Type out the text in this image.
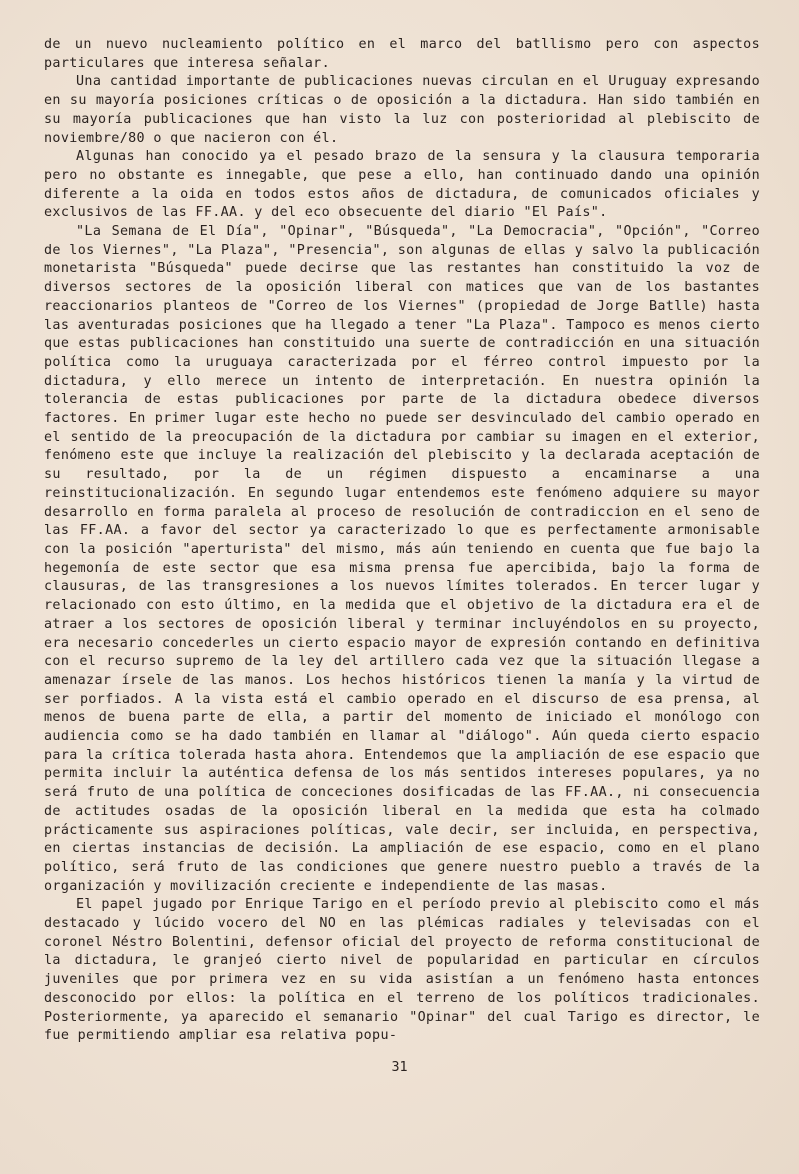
de un nuevo nucleamiento político en el marco del batllismo pero con aspectos particulares que interesa señalar.

Una cantidad importante de publicaciones nuevas circulan en el Uruguay expresando en su mayoría posiciones críticas o de oposición a la dictadura. Han sido también en su mayoría publicaciones que han visto la luz con posterioridad al plebiscito de noviembre/80 o que nacieron con él.

Algunas han conocido ya el pesado brazo de la sensura y la clausura temporaria pero no obstante es innegable, que pese a ello, han continuado dando una opinión diferente a la oida en todos estos años de dictadura, de comunicados oficiales y exclusivos de las FF.AA. y del eco obsecuente del diario "El País".

"La Semana de El Día", "Opinar", "Búsqueda", "La Democracia", "Opción", "Correo de los Viernes", "La Plaza", "Presencia", son algunas de ellas y salvo la publicación monetarista "Búsqueda" puede decirse que las restantes han constituido la voz de diversos sectores de la oposición liberal con matices que van de los bastantes reaccionarios planteos de "Correo de los Viernes" (propiedad de Jorge Batlle) hasta las aventuradas posiciones que ha llegado a tener "La Plaza". Tampoco es menos cierto que estas publicaciones han constituido una suerte de contradicción en una situación política como la uruguaya caracterizada por el férreo control impuesto por la dictadura, y ello merece un intento de interpretación. En nuestra opinión la tolerancia de estas publicaciones por parte de la dictadura obedece diversos factores. En primer lugar este hecho no puede ser desvinculado del cambio operado en el sentido de la preocupación de la dictadura por cambiar su imagen en el exterior, fenómeno este que incluye la realización del plebiscito y la declarada aceptación de su resultado, por la de un régimen dispuesto a encaminarse a una reinstitucionalización. En segundo lugar entendemos este fenómeno adquiere su mayor desarrollo en forma paralela al proceso de resolución de contradiccion en el seno de las FF.AA. a favor del sector ya caracterizado lo que es perfectamente armonisable con la posición "aperturista" del mismo, más aún teniendo en cuenta que fue bajo la hegemonía de este sector que esa misma prensa fue apercibida, bajo la forma de clausuras, de las transgresiones a los nuevos límites tolerados. En tercer lugar y relacionado con esto último, en la medida que el objetivo de la dictadura era el de atraer a los sectores de oposición liberal y terminar incluyéndolos en su proyecto, era necesario concederles un cierto espacio mayor de expresión contando en definitiva con el recurso supremo de la ley del artillero cada vez que la situación llegase a amenazar írsele de las manos. Los hechos históricos tienen la manía y la virtud de ser porfiados. A la vista está el cambio operado en el discurso de esa prensa, al menos de buena parte de ella, a partir del momento de iniciado el monólogo con audiencia como se ha dado también en llamar al "diálogo". Aún queda cierto espacio para la crítica tolerada hasta ahora. Entendemos que la ampliación de ese espacio que permita incluir la auténtica defensa de los más sentidos intereses populares, ya no será fruto de una política de conceciones dosificadas de las FF.AA., ni consecuencia de actitudes osadas de la oposición liberal en la medida que esta ha colmado prácticamente sus aspiraciones políticas, vale decir, ser incluida, en perspectiva, en ciertas instancias de decisión. La ampliación de ese espacio, como en el plano político, será fruto de las condiciones que genere nuestro pueblo a través de la organización y movilización creciente e independiente de las masas.

El papel jugado por Enrique Tarigo en el período previo al plebiscito como el más destacado y lúcido vocero del NO en las plémicas radiales y televisadas con el coronel Néstro Bolentini, defensor oficial del proyecto de reforma constitucional de la dictadura, le granjeó cierto nivel de popularidad en particular en círculos juveniles que por primera vez en su vida asistían a un fenómeno hasta entonces desconocido por ellos: la política en el terreno de los políticos tradicionales. Posteriormente, ya aparecido el semanario "Opinar" del cual Tarigo es director, le fue permitiendo ampliar esa relativa popu-

31
